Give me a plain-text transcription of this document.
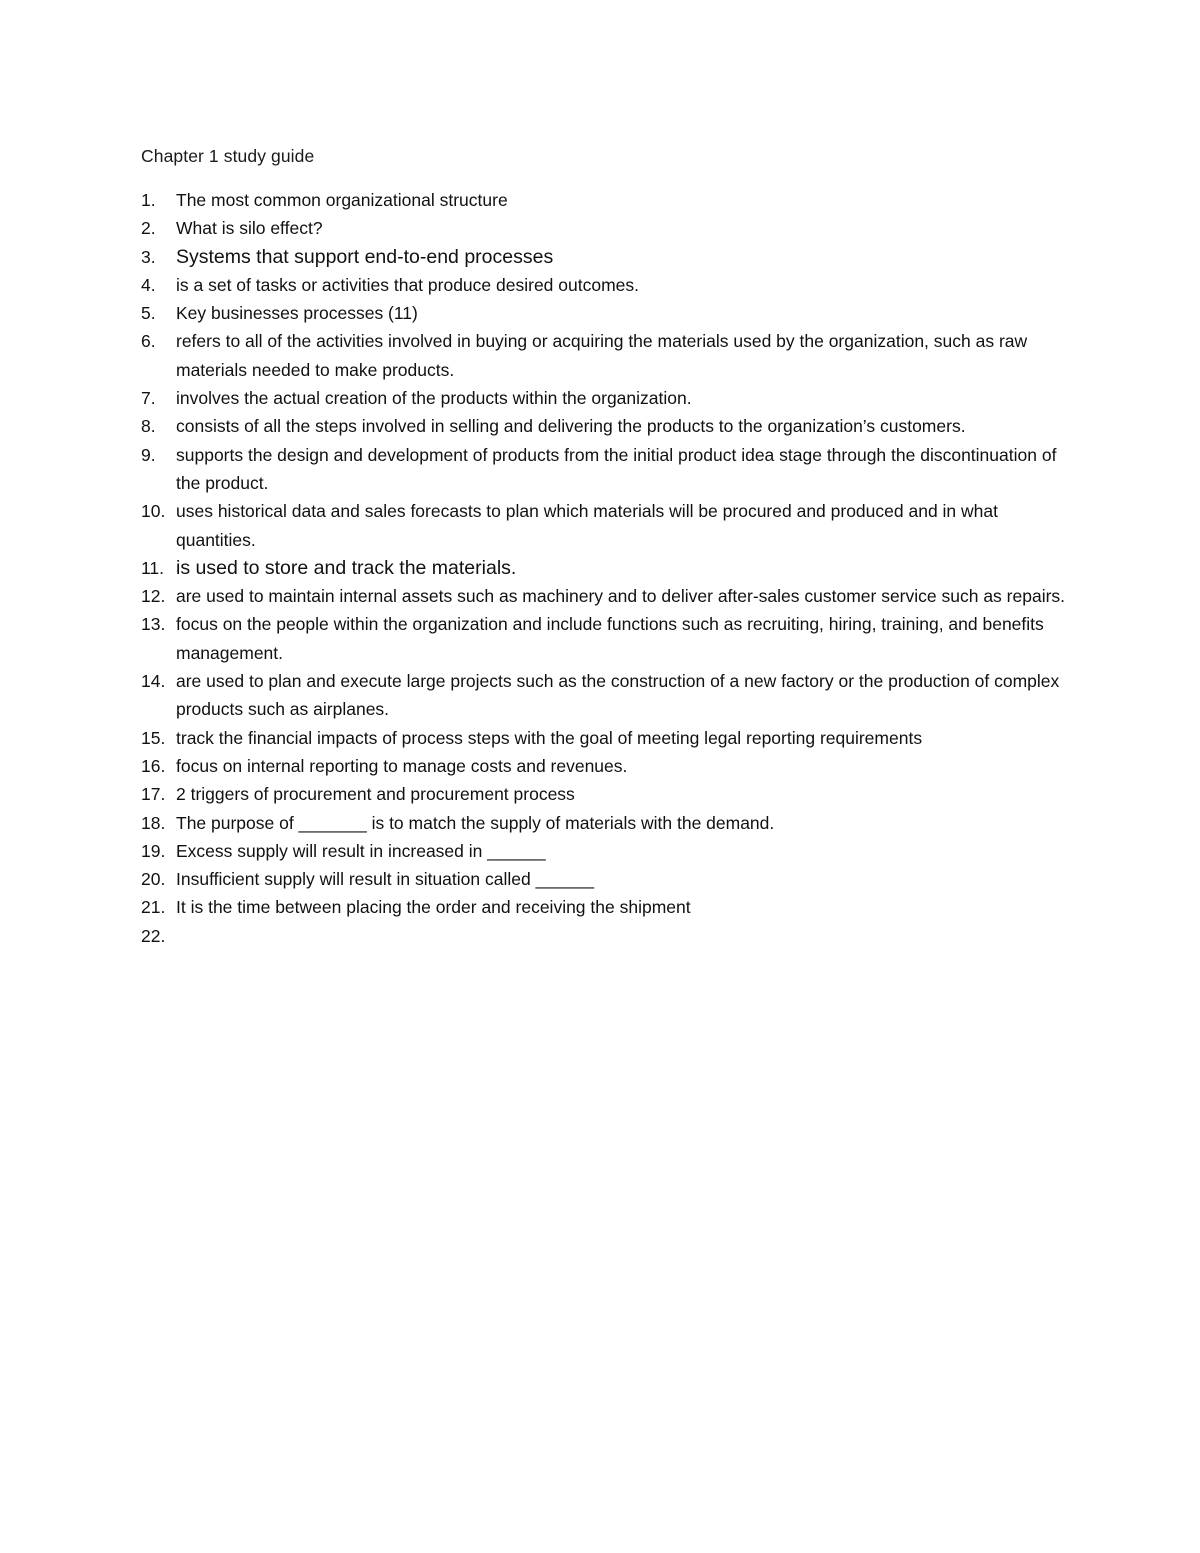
Chapter 1 study guide
1. The most common organizational structure
2. What is silo effect?
3. Systems that support end-to-end processes
4. is a set of tasks or activities that produce desired outcomes.
5. Key businesses processes (11)
6. refers to all of the activities involved in buying or acquiring the materials used by the organization, such as raw materials needed to make products.
7. involves the actual creation of the products within the organization.
8. consists of all the steps involved in selling and delivering the products to the organization’s customers.
9. supports the design and development of products from the initial product idea stage through the discontinuation of the product.
10. uses historical data and sales forecasts to plan which materials will be procured and produced and in what quantities.
11. is used to store and track the materials.
12. are used to maintain internal assets such as machinery and to deliver after-sales customer service such as repairs.
13. focus on the people within the organization and include functions such as recruiting, hiring, training, and benefits management.
14. are used to plan and execute large projects such as the construction of a new factory or the production of complex products such as airplanes.
15. track the financial impacts of process steps with the goal of meeting legal reporting requirements
16. focus on internal reporting to manage costs and revenues.
17. 2 triggers of procurement and procurement process
18. The purpose of _______ is to match the supply of materials with the demand.
19. Excess supply will result in increased in ______
20. Insufficient supply will result in situation called ______
21. It is the time between placing the order and receiving the shipment
22.
